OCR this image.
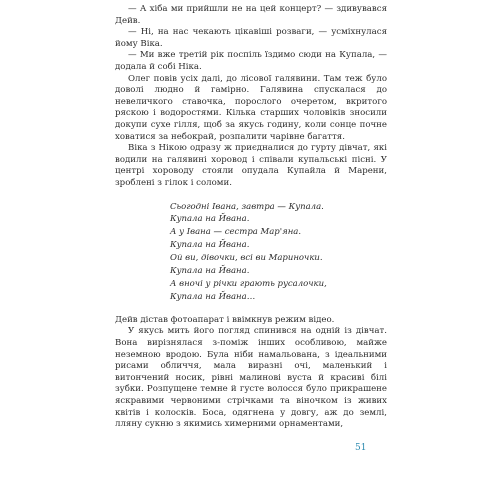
— А хіба ми прийшли не на цей концерт? — здивувався Дейв.

— Ні, на нас чекають цікавіші розваги, — усміхнулася йому Віка.

— Ми вже третій рік поспіль їздимо сюди на Купала, — додала й собі Ніка.

Олег повів усіх далі, до лісової галявини. Там теж було доволі людно й гамірно. Галявина спускалася до невеличкого ставочка, порослого очеретом, вкритого ряскою і водоростями. Кілька старших чоловіків зносили докупи сухе гілля, щоб за якусь годину, коли сонце почне ховатися за небокрай, розпалити чарівне багаття.

Віка з Нікою одразу ж приєдналися до гурту дівчат, які водили на галявині хоровод і співали купальські пісні. У центрі хороводу стояли опудала Купайла й Марени, зроблені з гілок і соломи.

Сьогодні Івана, завтра — Купала.
Купала на Йвана.
А у Івана — сестра Мар'яна.
Купала на Йвана.
Ой ви, дівочки, всі ви Мариночки.
Купала на Йвана.
А вночі у річки грають русалочки,
Купала на Йвана…

Дейв дістав фотоапарат і ввімкнув режим відео.

У якусь мить його погляд спинився на одній із дівчат. Вона вирізнялася з-поміж інших особливою, майже неземною вродою. Була ніби намальована, з ідеальними рисами обличчя, мала виразні очі, маленький і витончений носик, рівні малинові вуста й красиві білі зубки. Розпущене темне й густе волосся було прикрашене яскравими червоними стрічками та віночком із живих квітів і колосків. Боса, одягнена у довгу, аж до землі, лляну сукню з якимись химерними орнаментами,

51
